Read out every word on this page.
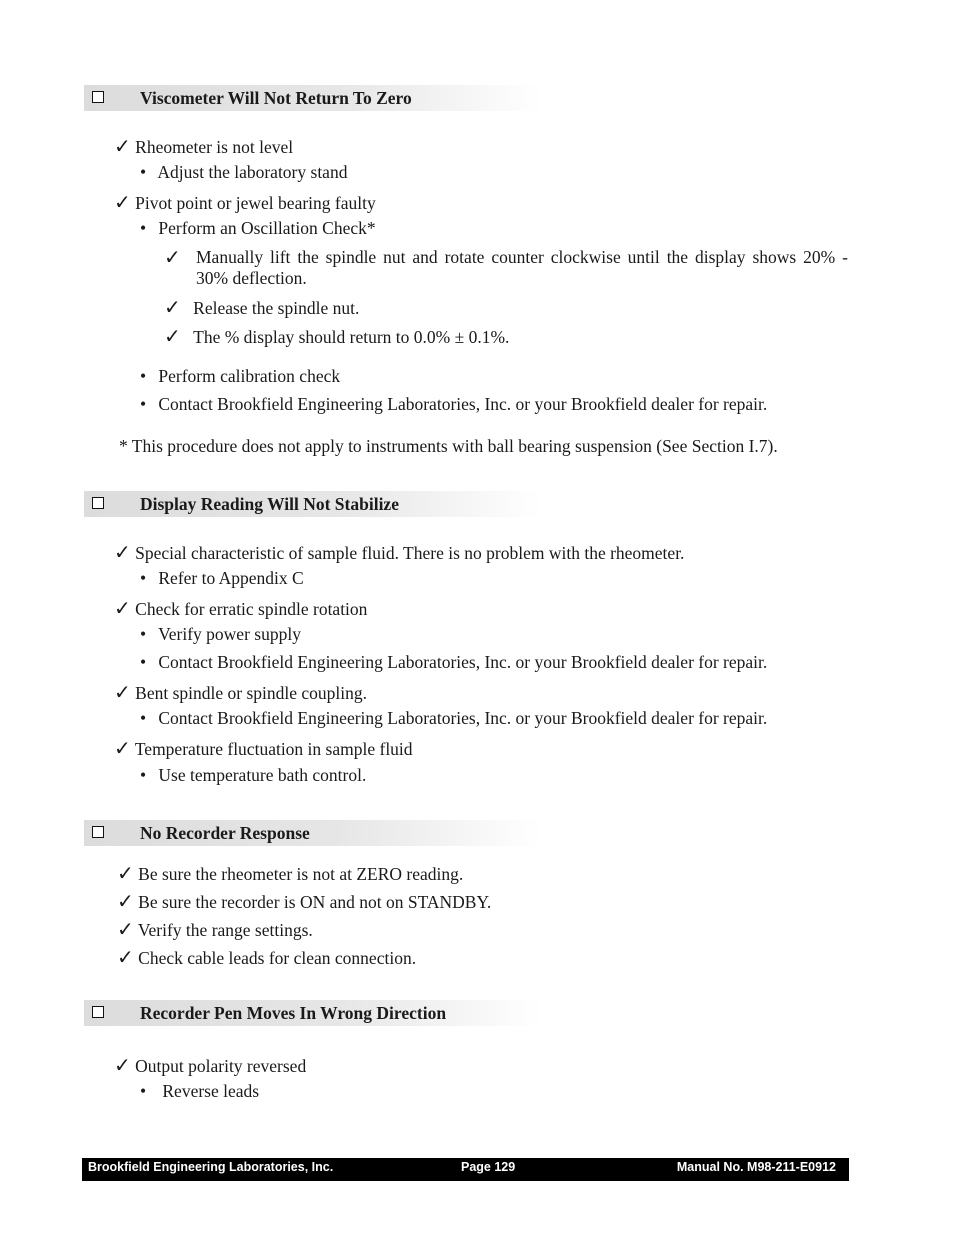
Viscometer Will Not Return To Zero
✓ Rheometer is not level
• Adjust the laboratory stand
✓ Pivot point or jewel bearing faulty
• Perform an Oscillation Check*
✓ Manually lift the spindle nut and rotate counter clockwise until the display shows 20% - 30% deflection.
✓ Release the spindle nut.
✓ The % display should return to 0.0% ± 0.1%.
• Perform calibration check
• Contact Brookfield Engineering Laboratories, Inc. or your Brookfield dealer for repair.
* This procedure does not apply to instruments with ball bearing suspension (See Section I.7).
Display Reading Will Not Stabilize
✓ Special characteristic of sample fluid. There is no problem with the rheometer.
• Refer to Appendix C
✓ Check for erratic spindle rotation
• Verify power supply
• Contact Brookfield Engineering Laboratories, Inc. or your Brookfield dealer for repair.
✓ Bent spindle or spindle coupling.
• Contact Brookfield Engineering Laboratories, Inc. or your Brookfield dealer for repair.
✓ Temperature fluctuation in sample fluid
• Use temperature bath control.
No Recorder Response
✓ Be sure the rheometer is not at ZERO reading.
✓ Be sure the recorder is ON and not on STANDBY.
✓ Verify the range settings.
✓ Check cable leads for clean connection.
Recorder Pen Moves In Wrong Direction
✓ Output polarity reversed
• Reverse leads
Brookfield Engineering Laboratories, Inc.	Page 129	Manual No. M98-211-E0912
